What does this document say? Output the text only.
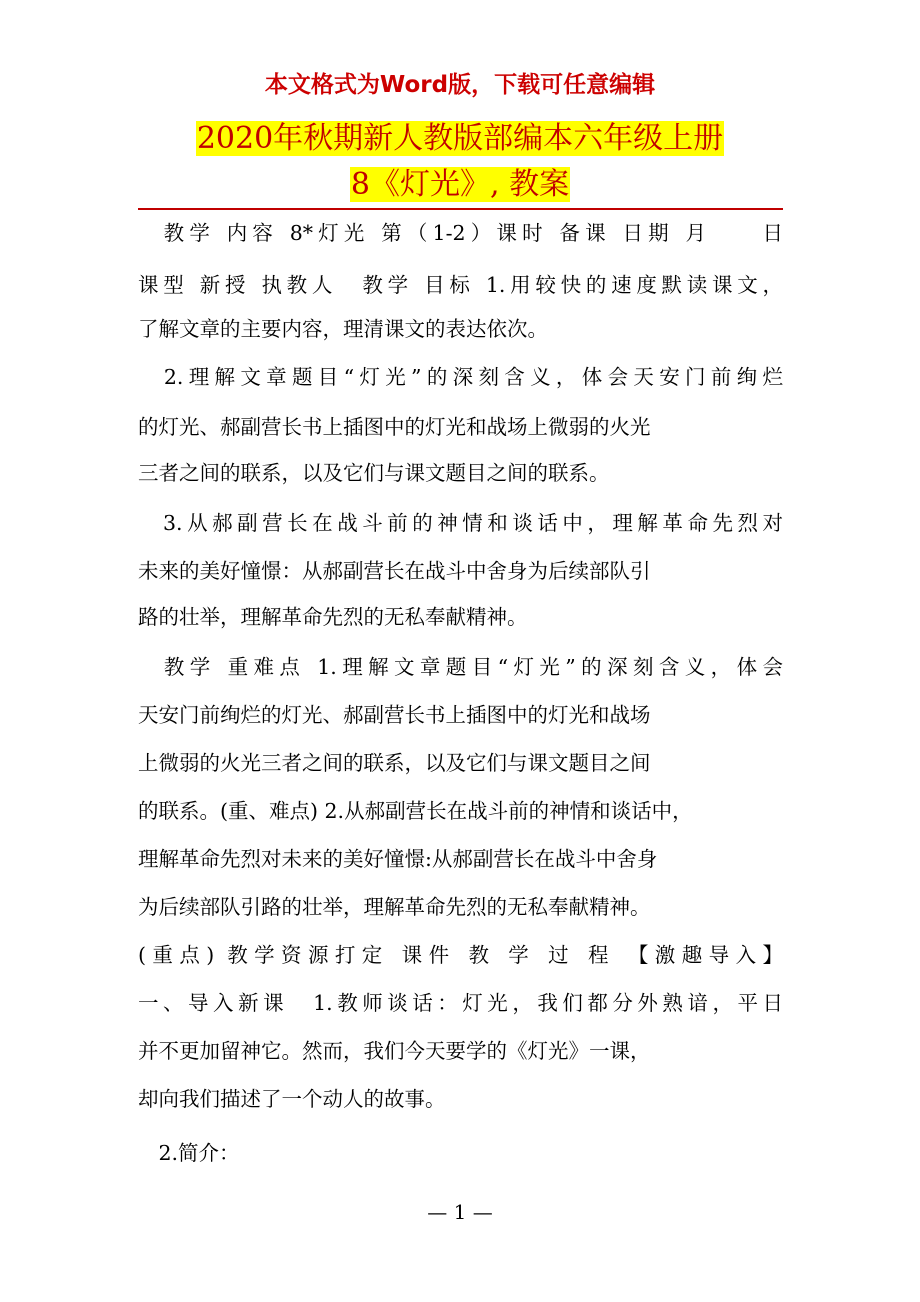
本文格式为Word版，下载可任意编辑
2020年秋期新人教版部编本六年级上册
8《灯光》, 教案
　教学 内容 8*灯光 第（1-2）课时 备课 日期 月　　日
课型 新授 执教人　教学 目标 1.用较快的速度默读课文，
了解文章的主要内容，理清课文的表达依次。
　2.理解文章题目“灯光”的深刻含义，体会天安门前绚烂
的灯光、郝副营长书上插图中的灯光和战场上微弱的火光
三者之间的联系，以及它们与课文题目之间的联系。
　3.从郝副营长在战斗前的神情和谈话中，理解革命先烈对
未来的美好憧憬：从郝副营长在战斗中舍身为后续部队引
路的壮举，理解革命先烈的无私奉献精神。
　教学 重难点 1.理解文章题目“灯光”的深刻含义，体会
天安门前绚烂的灯光、郝副营长书上插图中的灯光和战场
上微弱的火光三者之间的联系，以及它们与课文题目之间
的联系。(重、难点) 2.从郝副营长在战斗前的神情和谈话中，
理解革命先烈对未来的美好憧憬:从郝副营长在战斗中舍身
为后续部队引路的壮举，理解革命先烈的无私奉献精神。
(重点) 教学资源打定 课件 教 学 过 程 【激趣导入】
一、导入新课　1.教师谈话：灯光，我们都分外熟谙，平日
并不更加留神它。然而，我们今天要学的《灯光》一课，
却向我们描述了一个动人的故事。
　2.简介：
— 1 —
